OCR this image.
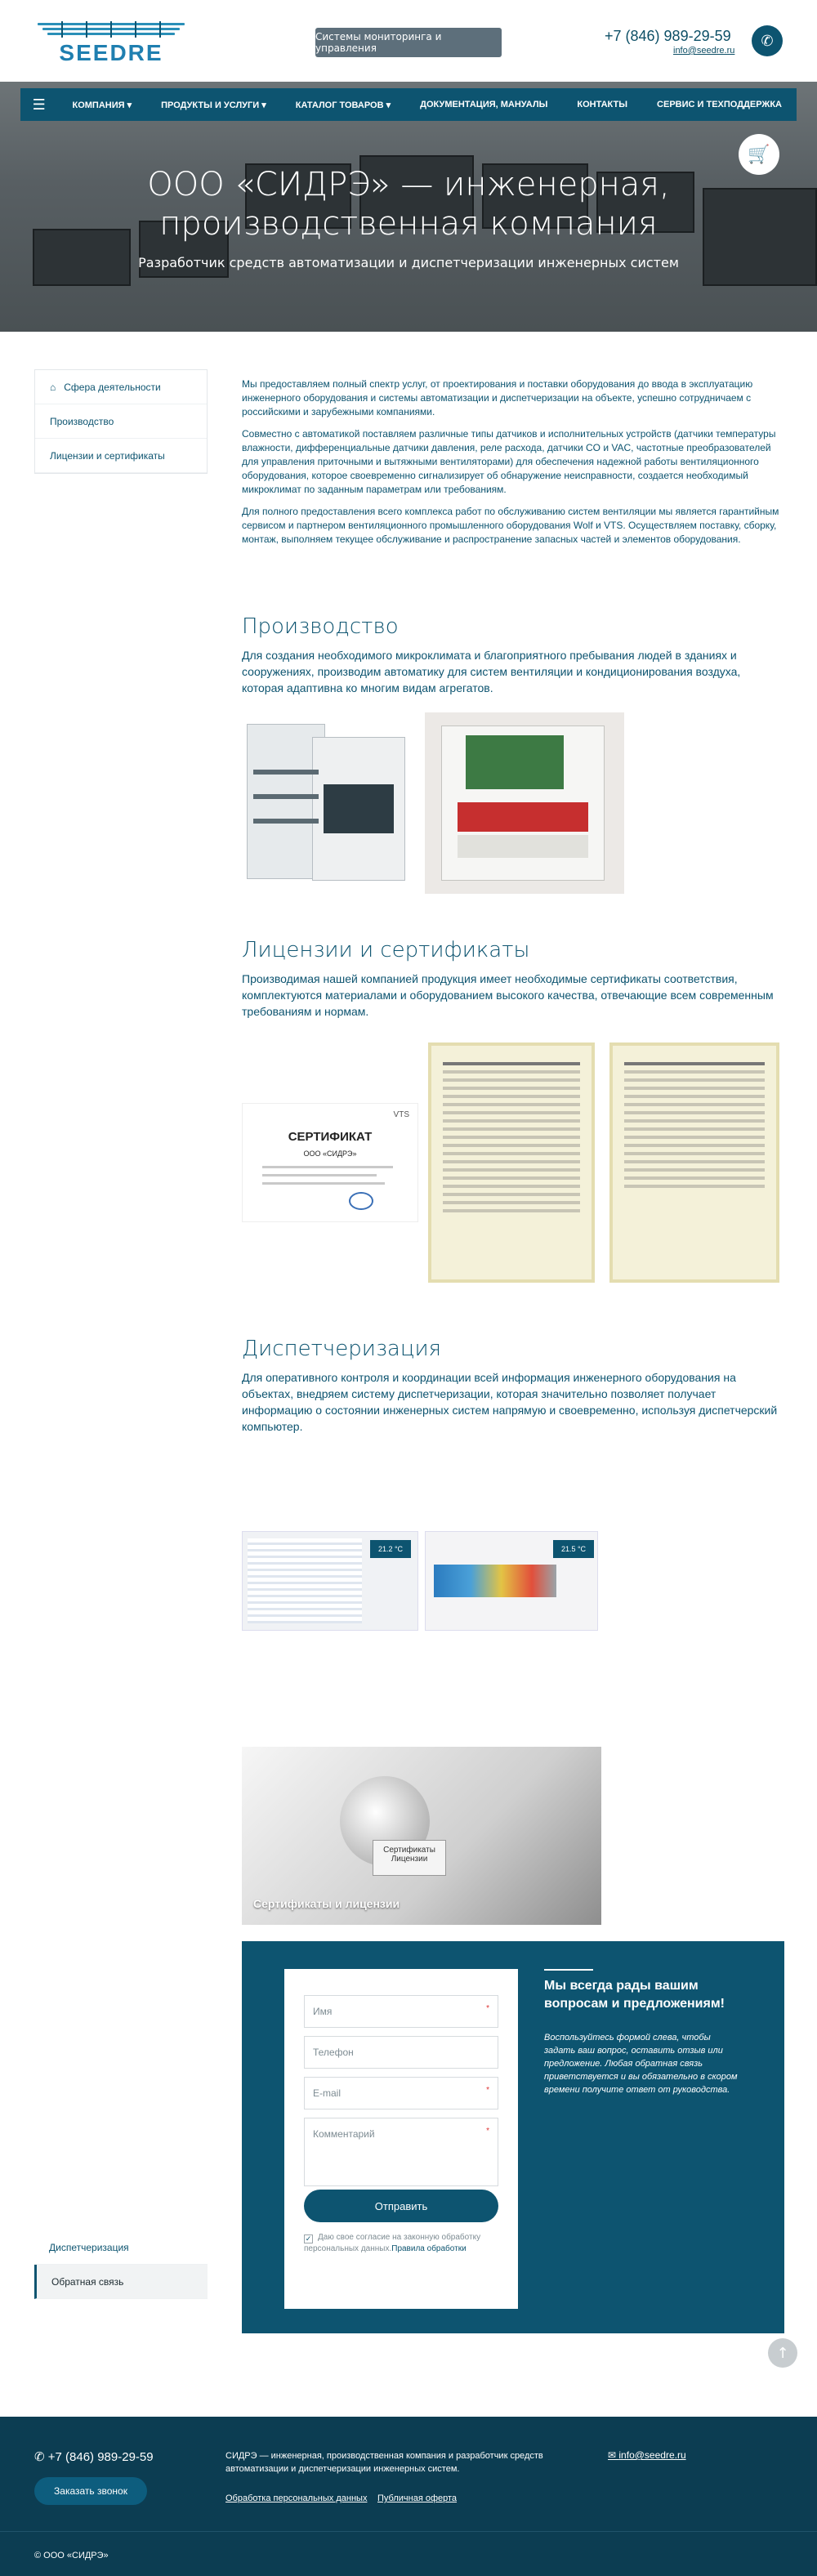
SEEDRE
Системы мониторинга и управления
+7 (846) 989-29-59
info@seedre.ru
✆
ООО «СИДРЭ» — инженерная, производственная компания
Разработчик средств автоматизации и диспетчеризации инженерных систем
🛒
☰	КОМПАНИЯ ▾	ПРОДУКТЫ И УСЛУГИ ▾	КАТАЛОГ ТОВАРОВ ▾	ДОКУМЕНТАЦИЯ, МАНУАЛЫ	КОНТАКТЫ	СЕРВИС И ТЕХПОДДЕРЖКА
⌂ Сфера деятельности
Производство
Лицензии и сертификаты

Мы предоставляем полный спектр услуг, от проектирования и поставки оборудования до ввода в эксплуатацию инженерного оборудования и системы автоматизации и диспетчеризации на объекте, успешно сотрудничаем с российскими и зарубежными компаниями.

Совместно с автоматикой поставляем различные типы датчиков и исполнительных устройств (датчики температуры влажности, дифференциальные датчики давления, реле расхода, датчики CO и VAC, частотные преобразователей для управления приточными и вытяжными вентиляторами) для обеспечения надежной работы вентиляционного оборудования, которое своевременно сигнализирует об обнаружение неисправности, создается необходимый микроклимат по заданным параметрам или требованиям.

Для полного предоставления всего комплекса работ по обслуживанию систем вентиляции мы является гарантийным сервисом и партнером вентиляционного промышленного оборудования Wolf и VTS. Осуществляем поставку, сборку, монтаж, выполняем текущее обслуживание и распространение запасных частей и элементов оборудования.

Производство

Для создания необходимого микроклимата и благоприятного пребывания людей в зданиях и сооружениях, производим автоматику для систем вентиляции и кондиционирования воздуха, которая адаптивна ко многим видам агрегатов.

Лицензии и сертификаты

Производимая нашей компанией продукция имеет необходимые сертификаты соответствия, комплектуются материалами и оборудованием высокого качества, отвечающие всем современным требованиям и нормам.

VTS
СЕРТИФИКАТ
ООО «СИДРЭ»
Диспетчеризация

Для оперативного контроля и координации всей информация инженерного оборудования на объектах, внедряем систему диспетчеризации, которая значительно позволяет получает информацию о состоянии инженерных систем напрямую и своевременно, используя диспетчерский компьютер.

21.2 °C	21.5 °C
Сертификаты
Лицензии
Сертификаты и лицензии
Имя	*
Телефон
E-mail	*
Комментарий	*
Отправить
✓ Даю свое согласие на законную обработку персональных данных.Правила обработки
Мы всегда рады вашим вопросам и предложениям!
Воспользуйтесь формой слева, чтобы задать ваш вопрос, оставить отзыв или предложение. Любая обратная связь приветствуется и вы обязательно в скором времени получите ответ от руководства.
Диспетчеризация
Обратная связь
↑
✆ +7 (846) 989-29-59
Заказать звонок
СИДРЭ — инженерная, производственная компания и разработчик средств автоматизации и диспетчеризации инженерных систем.
Обработка персональных данных Публичная оферта
✉ info@seedre.ru
© ООО «СИДРЭ»
